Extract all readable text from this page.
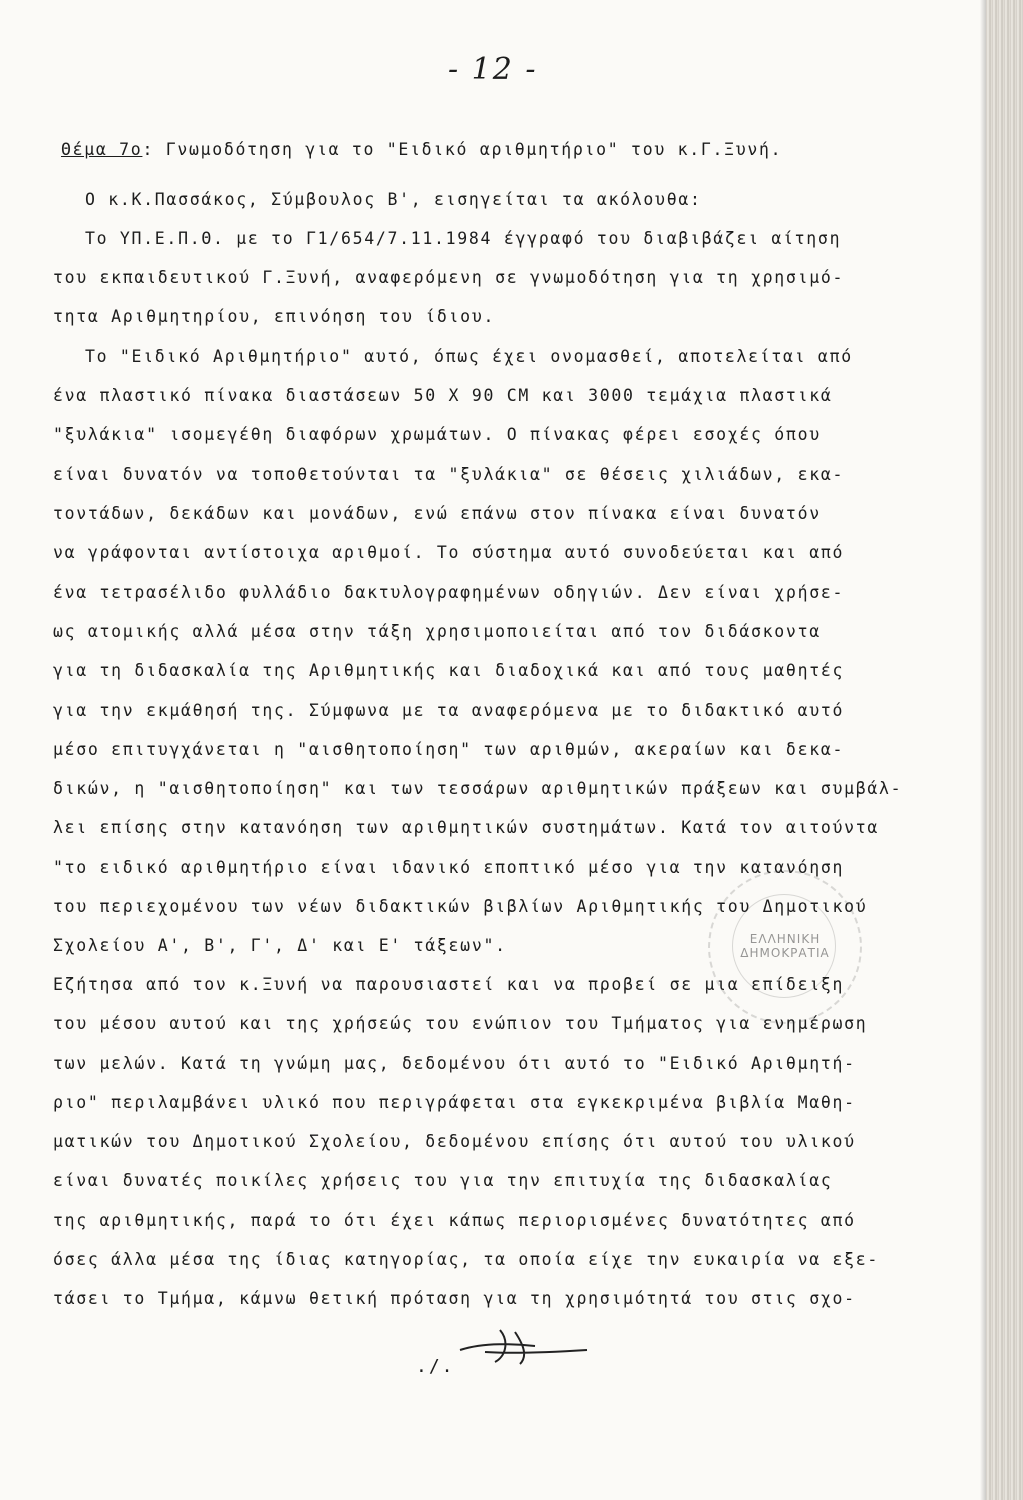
- 12 -
Θέμα 7ο: Γνωμοδότηση για το "Ειδικό αριθμητήριο" του κ.Γ.Ξυνή.
Ο κ.Κ.Πασσάκος, Σύμβουλος Β', εισηγείται τα ακόλουθα:
Το ΥΠ.Ε.Π.Θ. με το Γ1/654/7.11.1984 έγγραφό του διαβιβάζει αίτηση
του εκπαιδευτικού Γ.Ξυνή, αναφερόμενη σε γνωμοδότηση για τη χρησιμό-
τητα Αριθμητηρίου, επινόηση του ίδιου.
Το "Ειδικό Αριθμητήριο" αυτό, όπως έχει ονομασθεί, αποτελείται από
ένα πλαστικό πίνακα διαστάσεων 50 Χ 90 CM και 3000 τεμάχια πλαστικά
"ξυλάκια" ισομεγέθη διαφόρων χρωμάτων. Ο πίνακας φέρει εσοχές όπου
είναι δυνατόν να τοποθετούνται τα "ξυλάκια" σε θέσεις χιλιάδων, εκα-
τοντάδων, δεκάδων και μονάδων, ενώ επάνω στον πίνακα είναι δυνατόν
να γράφονται αντίστοιχα αριθμοί. Το σύστημα αυτό συνοδεύεται και από
ένα τετρασέλιδο φυλλάδιο δακτυλογραφημένων οδηγιών. Δεν είναι χρήσε-
ως ατομικής αλλά μέσα στην τάξη χρησιμοποιείται από τον διδάσκοντα
για τη διδασκαλία της Αριθμητικής και διαδοχικά και από τους μαθητές
για την εκμάθησή της. Σύμφωνα με τα αναφερόμενα με το διδακτικό αυτό
μέσο επιτυγχάνεται η "αισθητοποίηση" των αριθμών, ακεραίων και δεκα-
δικών, η "αισθητοποίηση" και των τεσσάρων αριθμητικών πράξεων και συμβάλ-
λει επίσης στην κατανόηση των αριθμητικών συστημάτων. Κατά τον αιτούντα
"το ειδικό αριθμητήριο είναι ιδανικό εποπτικό μέσο για την κατανόηση
του περιεχομένου των νέων διδακτικών βιβλίων Αριθμητικής του Δημοτικού
Σχολείου Α', Β', Γ', Δ' και Ε' τάξεων".
Εζήτησα από τον κ.Ξυνή να παρουσιαστεί και να προβεί σε μια επίδειξη
του μέσου αυτού και της χρήσεώς του ενώπιον του Τμήματος για ενημέρωση
των μελών. Κατά τη γνώμη μας, δεδομένου ότι αυτό το "Ειδικό Αριθμητή-
ριο" περιλαμβάνει υλικό που περιγράφεται στα εγκεκριμένα βιβλία Μαθη-
ματικών του Δημοτικού Σχολείου, δεδομένου επίσης ότι αυτού του υλικού
είναι δυνατές ποικίλες χρήσεις του για την επιτυχία της διδασκαλίας
της αριθμητικής, παρά το ότι έχει κάπως περιορισμένες δυνατότητες από
όσες άλλα μέσα της ίδιας κατηγορίας, τα οποία είχε την ευκαιρία να εξε-
τάσει το Τμήμα, κάμνω θετική πρόταση για τη χρησιμότητά του στις σχο-
ΕΛΛΗΝΙΚΗ ΔΗΜΟΚΡΑΤΙΑ
./.
